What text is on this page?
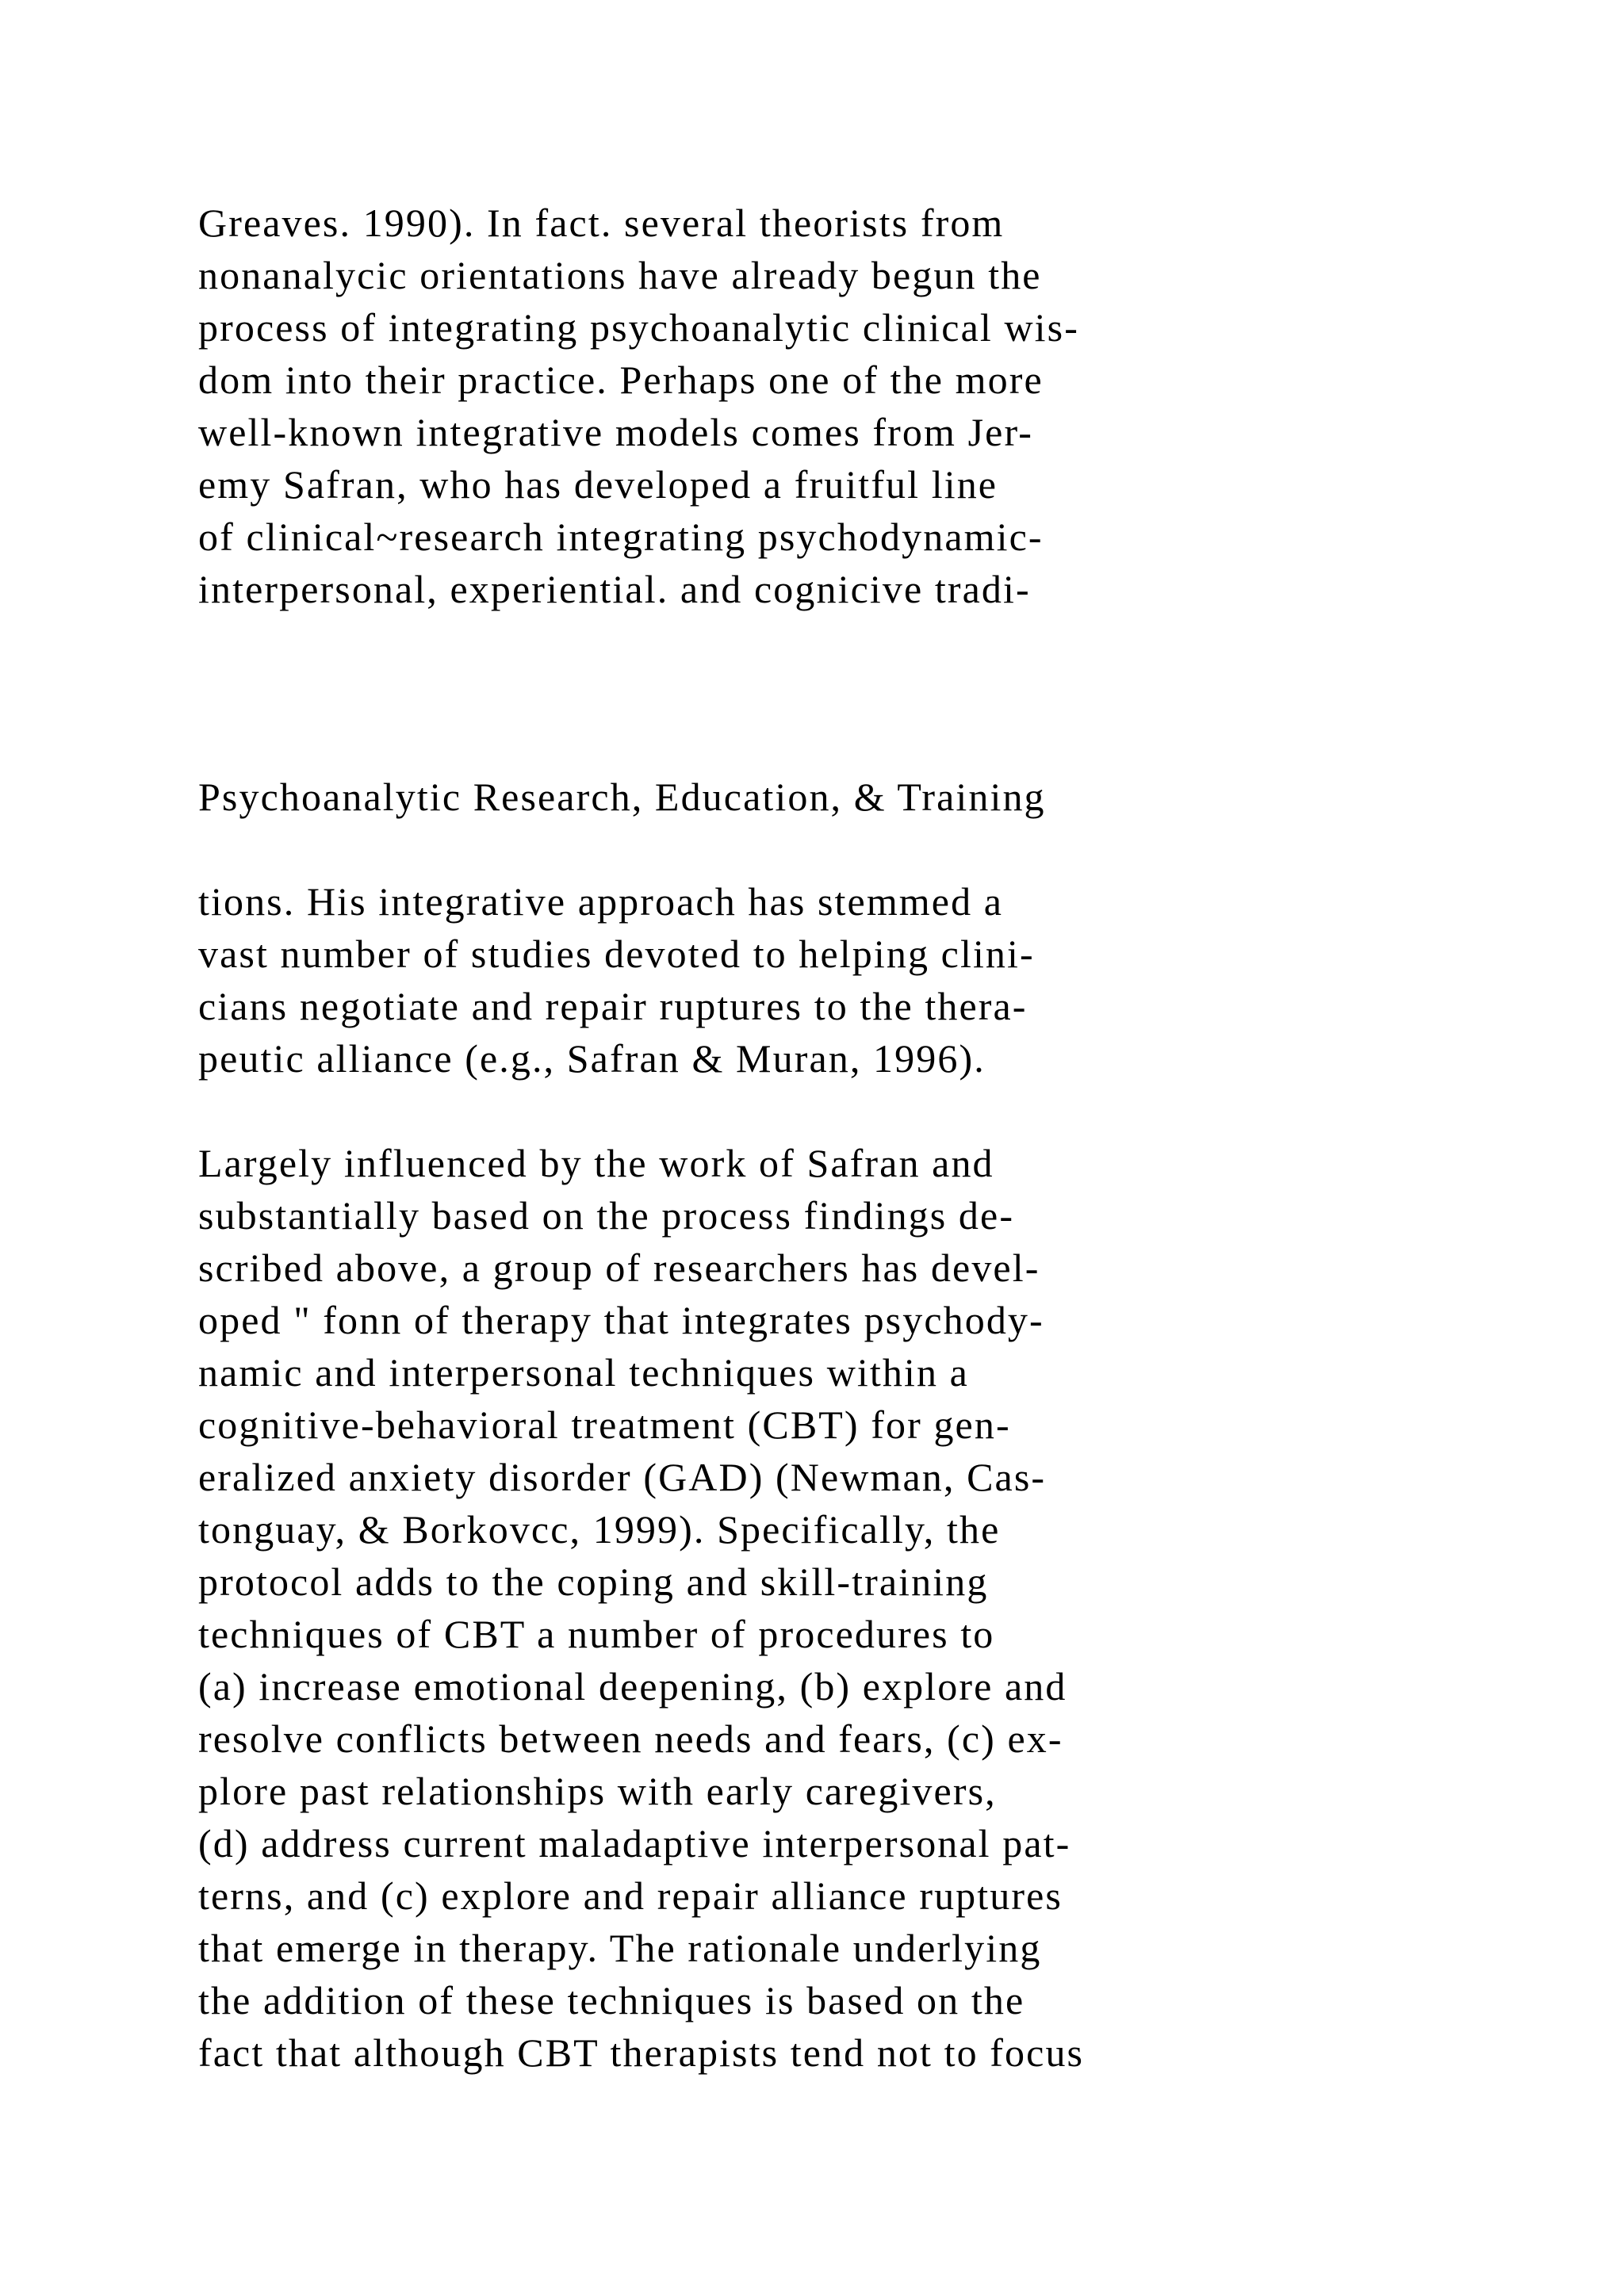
Greaves. 1990). In fact. several theorists from
nonanalycic orientations have already begun the
process of integrating psychoanalytic clinical wis-
dom into their practice. Perhaps one of the more
well-known integrative models comes from Jer-
emy Safran, who has developed a fruitful line
of clinical~research integrating psychodynamic-
interpersonal, experiential. and cognicive tradi-
Psychoanalytic Research, Education, & Training
tions. His integrative approach has stemmed a
vast number of studies devoted to helping clini-
cians negotiate and repair ruptures to the thera-
peutic alliance (e.g., Safran & Muran, 1996).
Largely influenced by the work of Safran and
substantially based on the process findings de-
scribed above, a group of researchers has devel-
oped " fonn of therapy that integrates psychody-
namic and interpersonal techniques within a
cognitive-behavioral treatment (CBT) for gen-
eralized anxiety disorder (GAD) (Newman, Cas-
tonguay, & Borkovcc, 1999). Specifically, the
protocol adds to the coping and skill-training
techniques of CBT a number of procedures to
(a) increase emotional deepening, (b) explore and
resolve conflicts between needs and fears, (c) ex-
plore past relationships with early caregivers,
(d) address current maladaptive interpersonal pat-
terns, and (c) explore and repair alliance ruptures
that emerge in therapy. The rationale underlying
the addition of these techniques is based on the
fact that although CBT therapists tend not to focus
